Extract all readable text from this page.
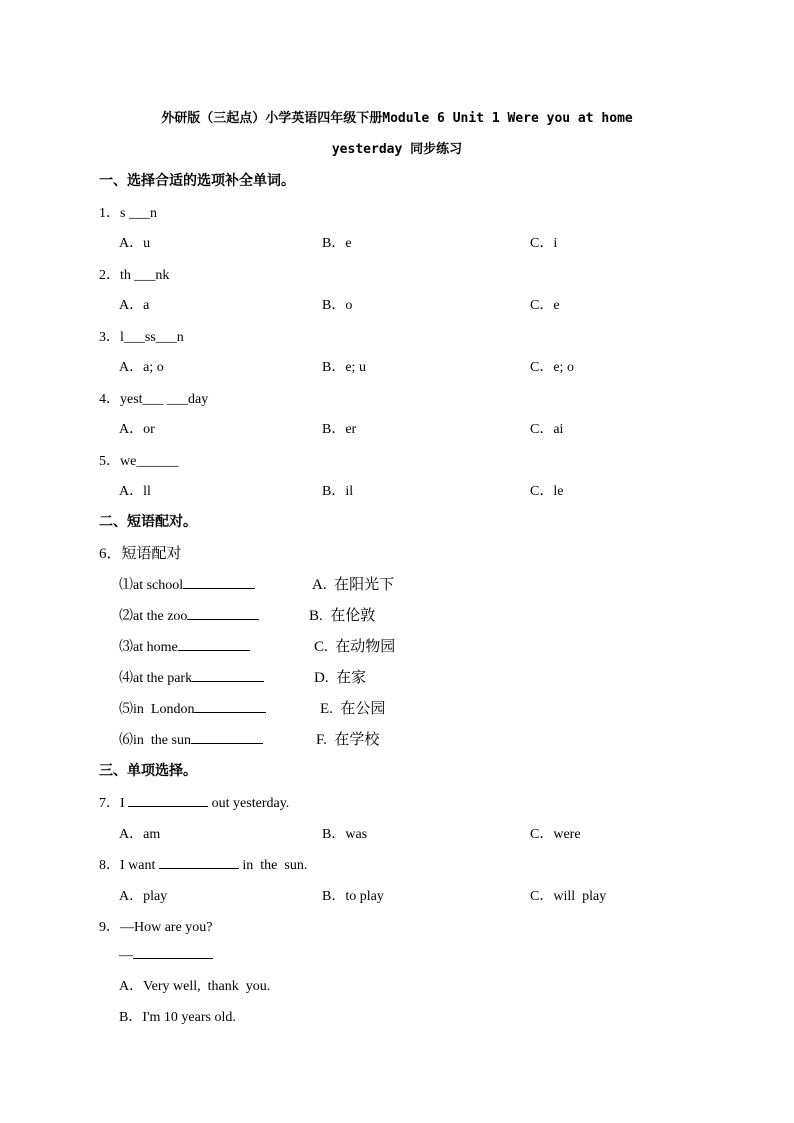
外研版（三起点）小学英语四年级下册Module 6 Unit 1 Were you at home
yesterday 同步练习
一、选择合适的选项补全单词。
1．s ___n
A．u	B．e	C．i
2．th ___nk
A．a	B．o	C．e
3．l___ss___n
A．a; o	B．e; u	C．e; o
4．yest___ ___day
A．or	B．er	C．ai
5．we______
A．ll	B．il	C．le
二、短语配对。
6．短语配对
⑴at school	A.  在阳光下
⑵at the zoo	B.  在伦敦
⑶at home	C.  在动物园
⑷at the park	D.  在家
⑸in  London	E.  在公园
⑹in  the sun	F.  在学校
三、单项选择。
7．I	out yesterday.
A．am	B．was	C．were
8．I want	in  the  sun.
A．play	B．to play	C．will  play
9．—How are you?
—
A．Very well,  thank  you.
B．I'm 10 years old.
